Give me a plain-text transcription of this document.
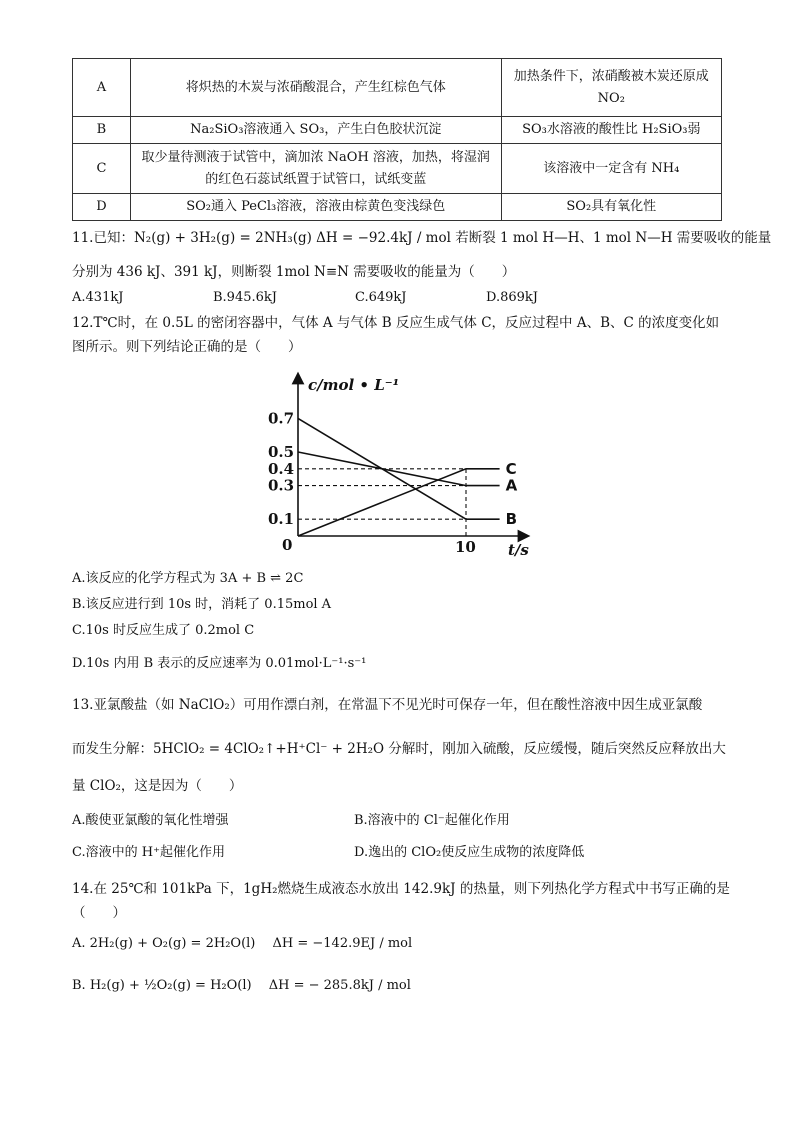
A	将炽热的木炭与浓硝酸混合，产生红棕色气体	加热条件下，浓硝酸被木炭还原成
NO₂

B	Na₂SiO₃溶液通入 SO₃，产生白色胶状沉淀	SO₃水溶液的酸性比 H₂SiO₃弱
C	取少量待测液于试管中，滴加浓 NaOH 溶液，加热，将湿润
的红色石蕊试纸置于试管口，试纸变蓝	该溶液中一定含有 NH₄
D	SO₂通入 PeCl₃溶液，溶液由棕黄色变浅绿色	SO₂具有氧化性
11.已知：N₂(g) + 3H₂(g) = 2NH₃(g) ΔH = −92.4kJ / mol 若断裂 1 mol H—H、1 mol N—H 需要吸收的能量
分别为 436 kJ、391 kJ，则断裂 1mol N≡N 需要吸收的能量为（　　）
A.431kJ	B.945.6kJ	C.649kJ	D.869kJ
12.T℃时，在 0.5L 的密闭容器中，气体 A 与气体 B 反应生成气体 C，反应过程中 A、B、C 的浓度变化如
图所示。则下列结论正确的是（　　）
c/mol • L⁻¹
t/s
0
0.7
0.5
0.4
0.3
0.1
10
A
B
C
A.该反应的化学方程式为 3A + B ⇌ 2C
B.该反应进行到 10s 时，消耗了 0.15mol A
C.10s 时反应生成了 0.2mol C
D.10s 内用 B 表示的反应速率为 0.01mol·L⁻¹·s⁻¹
13.亚氯酸盐（如 NaClO₂）可用作漂白剂，在常温下不见光时可保存一年，但在酸性溶液中因生成亚氯酸
而发生分解：5HClO₂ = 4ClO₂↑+H⁺Cl⁻ + 2H₂O 分解时，刚加入硫酸，反应缓慢，随后突然反应释放出大
量 ClO₂，这是因为（　　）
A.酸使亚氯酸的氧化性增强	B.溶液中的 Cl⁻起催化作用
C.溶液中的 H⁺起催化作用	D.逸出的 ClO₂使反应生成物的浓度降低
14.在 25℃和 101kPa 下，1gH₂燃烧生成液态水放出 142.9kJ 的热量，则下列热化学方程式中书写正确的是
（　　）
A. 2H₂(g) + O₂(g) = 2H₂O(l)　 ΔH = −142.9EJ / mol
B. H₂(g) + ½O₂(g) = H₂O(l)　 ΔH = − 285.8kJ / mol
